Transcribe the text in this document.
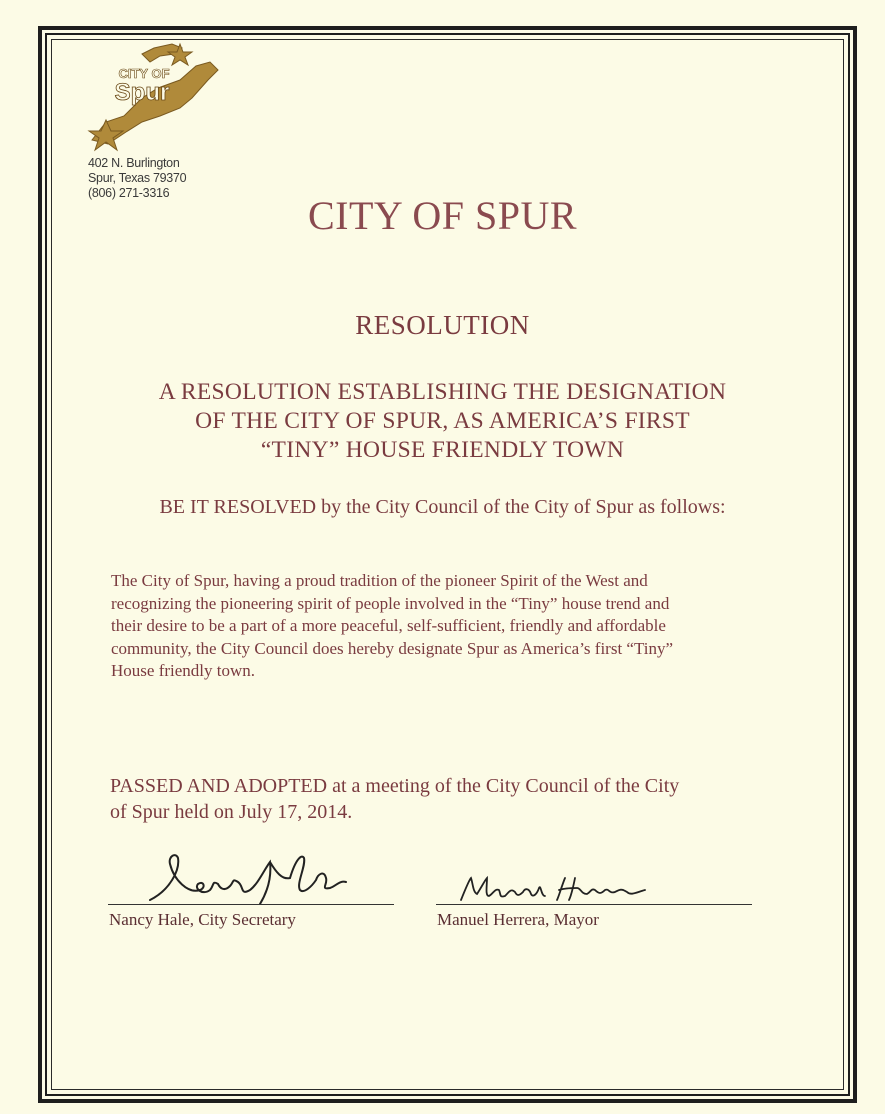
CITY OF
Spur
402 N. Burlington
Spur, Texas 79370
(806) 271-3316	CITY OF SPUR
RESOLUTION
A RESOLUTION ESTABLISHING THE DESIGNATION
OF THE CITY OF SPUR, AS AMERICA’S FIRST
“TINY” HOUSE FRIENDLY TOWN
BE IT RESOLVED by the City Council of the City of Spur as follows:
The City of Spur, having a proud tradition of the pioneer Spirit of the West and
recognizing the pioneering spirit of people involved in the “Tiny” house trend and
their desire to be a part of a more peaceful, self-sufficient, friendly and affordable
community, the City Council does hereby designate Spur as America’s first “Tiny”
House friendly town.
PASSED AND ADOPTED at a meeting of the City Council of the City
of Spur held on July 17, 2014.
Nancy Hale, City Secretary	Manuel Herrera, Mayor
